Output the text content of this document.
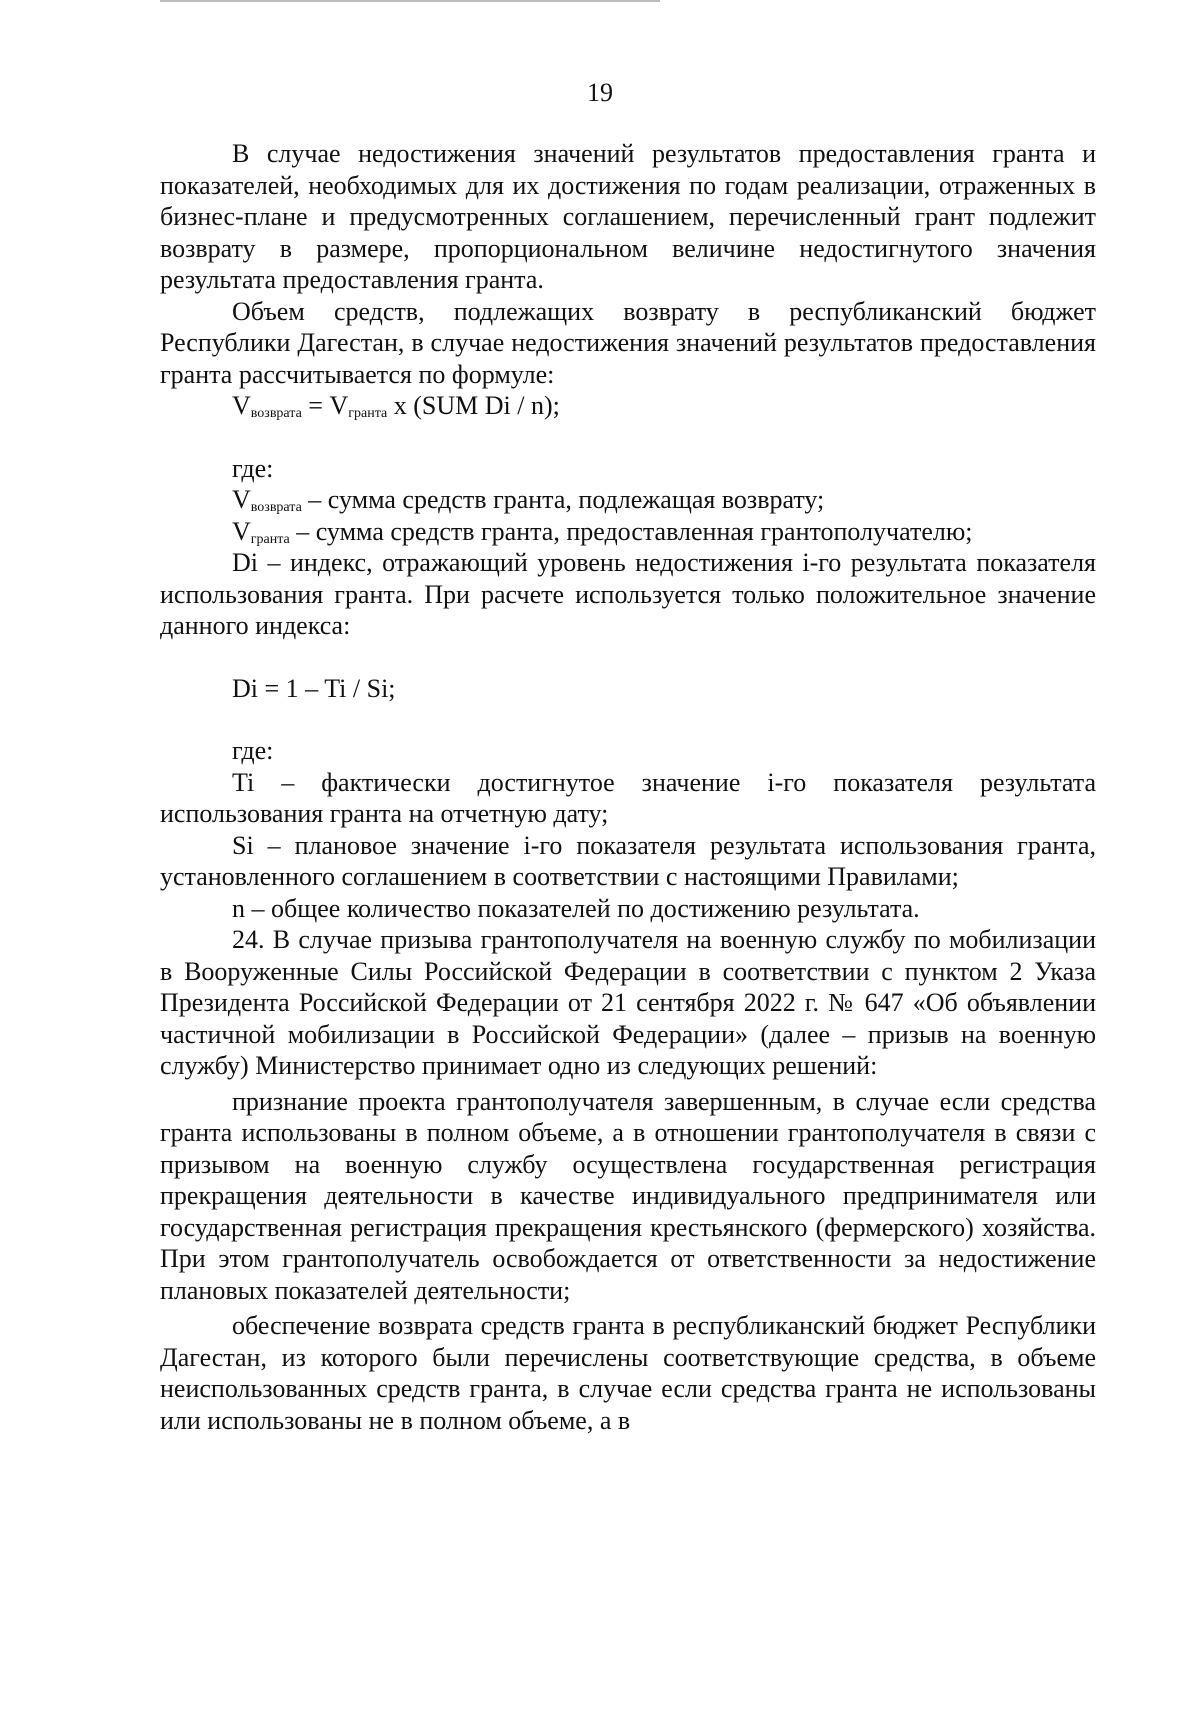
19

В случае недостижения значений результатов предоставления гранта и показателей, необходимых для их достижения по годам реализации, отраженных в бизнес-плане и предусмотренных соглашением, перечисленный грант подлежит возврату в размере, пропорциональном величине недостигнутого значения результата предоставления гранта.

Объем средств, подлежащих возврату в республиканский бюджет Республики Дагестан, в случае недостижения значений результатов предоставления гранта рассчитывается по формуле:

$V_{возврата} = V_{гранта}$ х (SUM Di / n);

где:

$V_{возврата}$ – сумма средств гранта, подлежащая возврату;

$V_{гранта}$ – сумма средств гранта, предоставленная грантополучателю;

Di – индекс, отражающий уровень недостижения i-го результата показателя использования гранта. При расчете используется только положительное значение данного индекса:

Di = 1 – Ti / Si;

где:

Ti – фактически достигнутое значение i-го показателя результата использования гранта на отчетную дату;

Si – плановое значение i-го показателя результата использования гранта, установленного соглашением в соответствии с настоящими Правилами;

n – общее количество показателей по достижению результата.

24. В случае призыва грантополучателя на военную службу по мобилизации в Вооруженные Силы Российской Федерации в соответствии с пунктом 2 Указа Президента Российской Федерации от 21 сентября 2022 г. № 647 «Об объявлении частичной мобилизации в Российской Федерации» (далее – призыв на военную службу) Министерство принимает одно из следующих решений:

признание проекта грантополучателя завершенным, в случае если средства гранта использованы в полном объеме, а в отношении грантополучателя в связи с призывом на военную службу осуществлена государственная регистрация прекращения деятельности в качестве индивидуального предпринимателя или государственная регистрация прекращения крестьянского (фермерского) хозяйства. При этом грантополучатель освобождается от ответственности за недостижение плановых показателей деятельности;

обеспечение возврата средств гранта в республиканский бюджет Республики Дагестан, из которого были перечислены соответствующие средства, в объеме неиспользованных средств гранта, в случае если средства гранта не использованы или использованы не в полном объеме, а в
